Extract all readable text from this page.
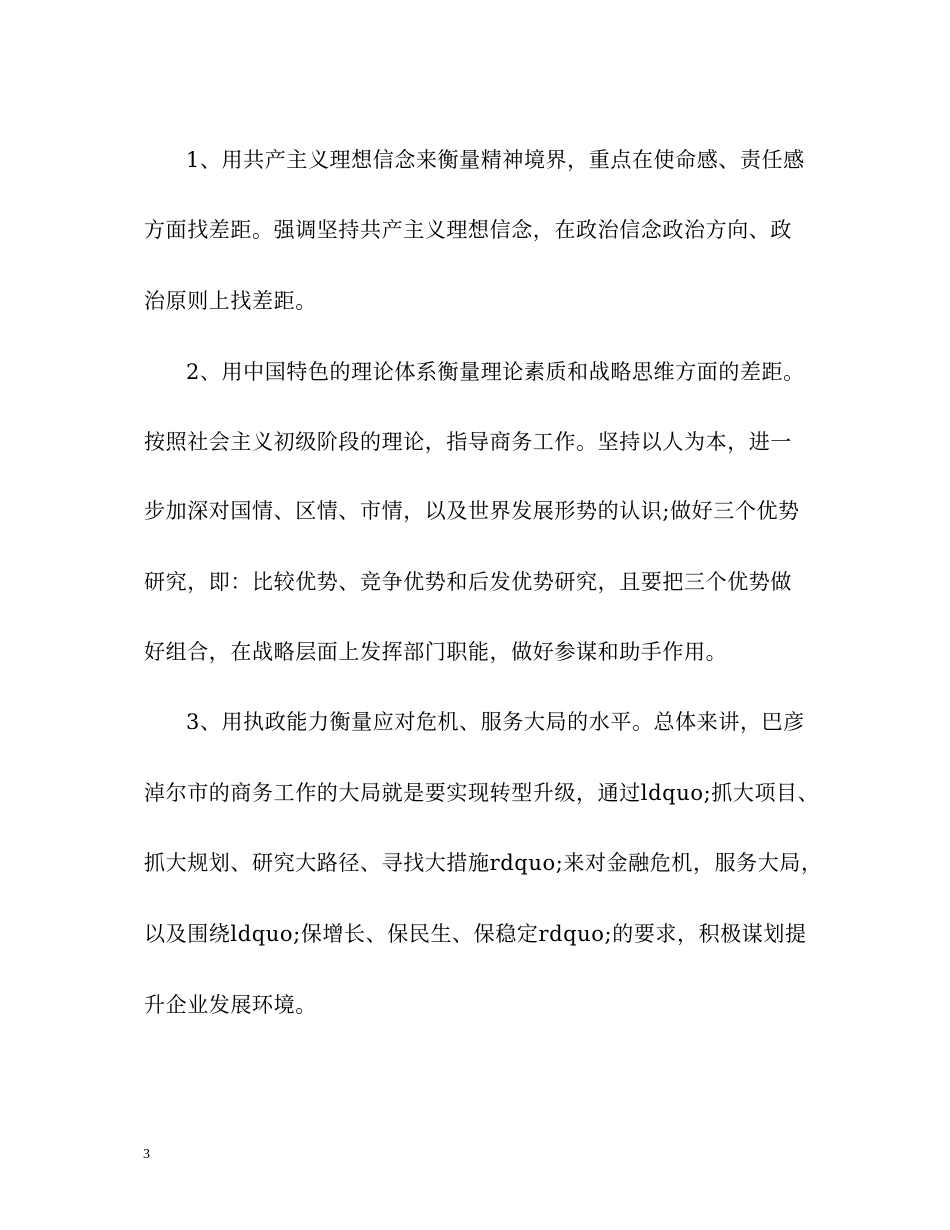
1、用共产主义理想信念来衡量精神境界，重点在使命感、责任感
方面找差距。强调坚持共产主义理想信念，在政治信念政治方向、政
治原则上找差距。
2、用中国特色的理论体系衡量理论素质和战略思维方面的差距。
按照社会主义初级阶段的理论，指导商务工作。坚持以人为本，进一
步加深对国情、区情、市情，以及世界发展形势的认识;做好三个优势
研究，即：比较优势、竞争优势和后发优势研究，且要把三个优势做
好组合，在战略层面上发挥部门职能，做好参谋和助手作用。
3、用执政能力衡量应对危机、服务大局的水平。总体来讲，巴彦
淖尔市的商务工作的大局就是要实现转型升级，通过ldquo;抓大项目、
抓大规划、研究大路径、寻找大措施rdquo;来对金融危机，服务大局，
以及围绕ldquo;保增长、保民生、保稳定rdquo;的要求，积极谋划提
升企业发展环境。
3
